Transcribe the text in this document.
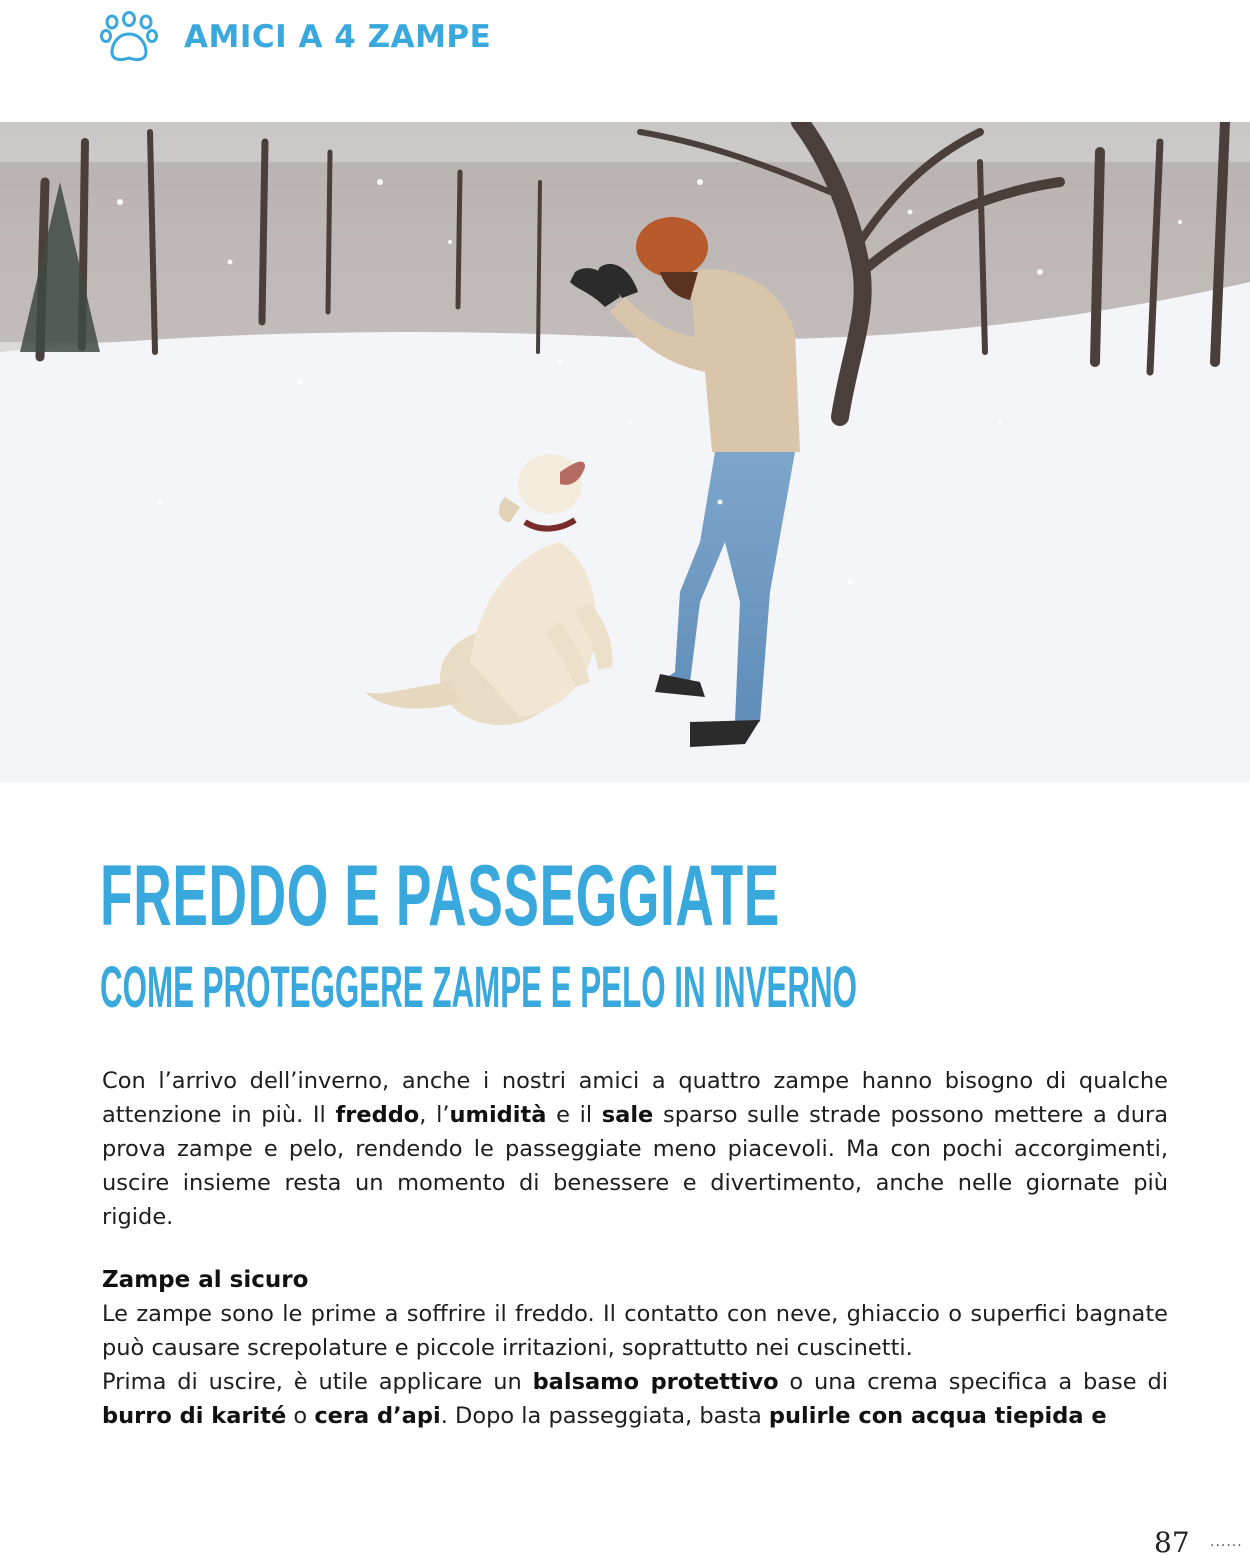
AMICI A 4 ZAMPE
FREDDO E PASSEGGIATE
COME PROTEGGERE ZAMPE E PELO IN INVERNO

Con l’arrivo dell’inverno, anche i nostri amici a quattro zampe hanno bisogno di qualche attenzione in più. Il freddo, l’umidità e il sale sparso sulle strade possono mettere a dura prova zampe e pelo, rendendo le passeggiate meno piacevoli. Ma con pochi accorgimenti, uscire insieme resta un momento di benessere e divertimento, anche nelle giornate più rigide.

Zampe al sicuro

Le zampe sono le prime a soffrire il freddo. Il contatto con neve, ghiaccio o superfici bagnate può causare screpolature e piccole irritazioni, soprattutto nei cuscinetti.

Prima di uscire, è utile applicare un balsamo protettivo o una crema specifica a base di burro di karité o cera d’api. Dopo la passeggiata, basta pulirle con acqua tiepida e

87 ......
